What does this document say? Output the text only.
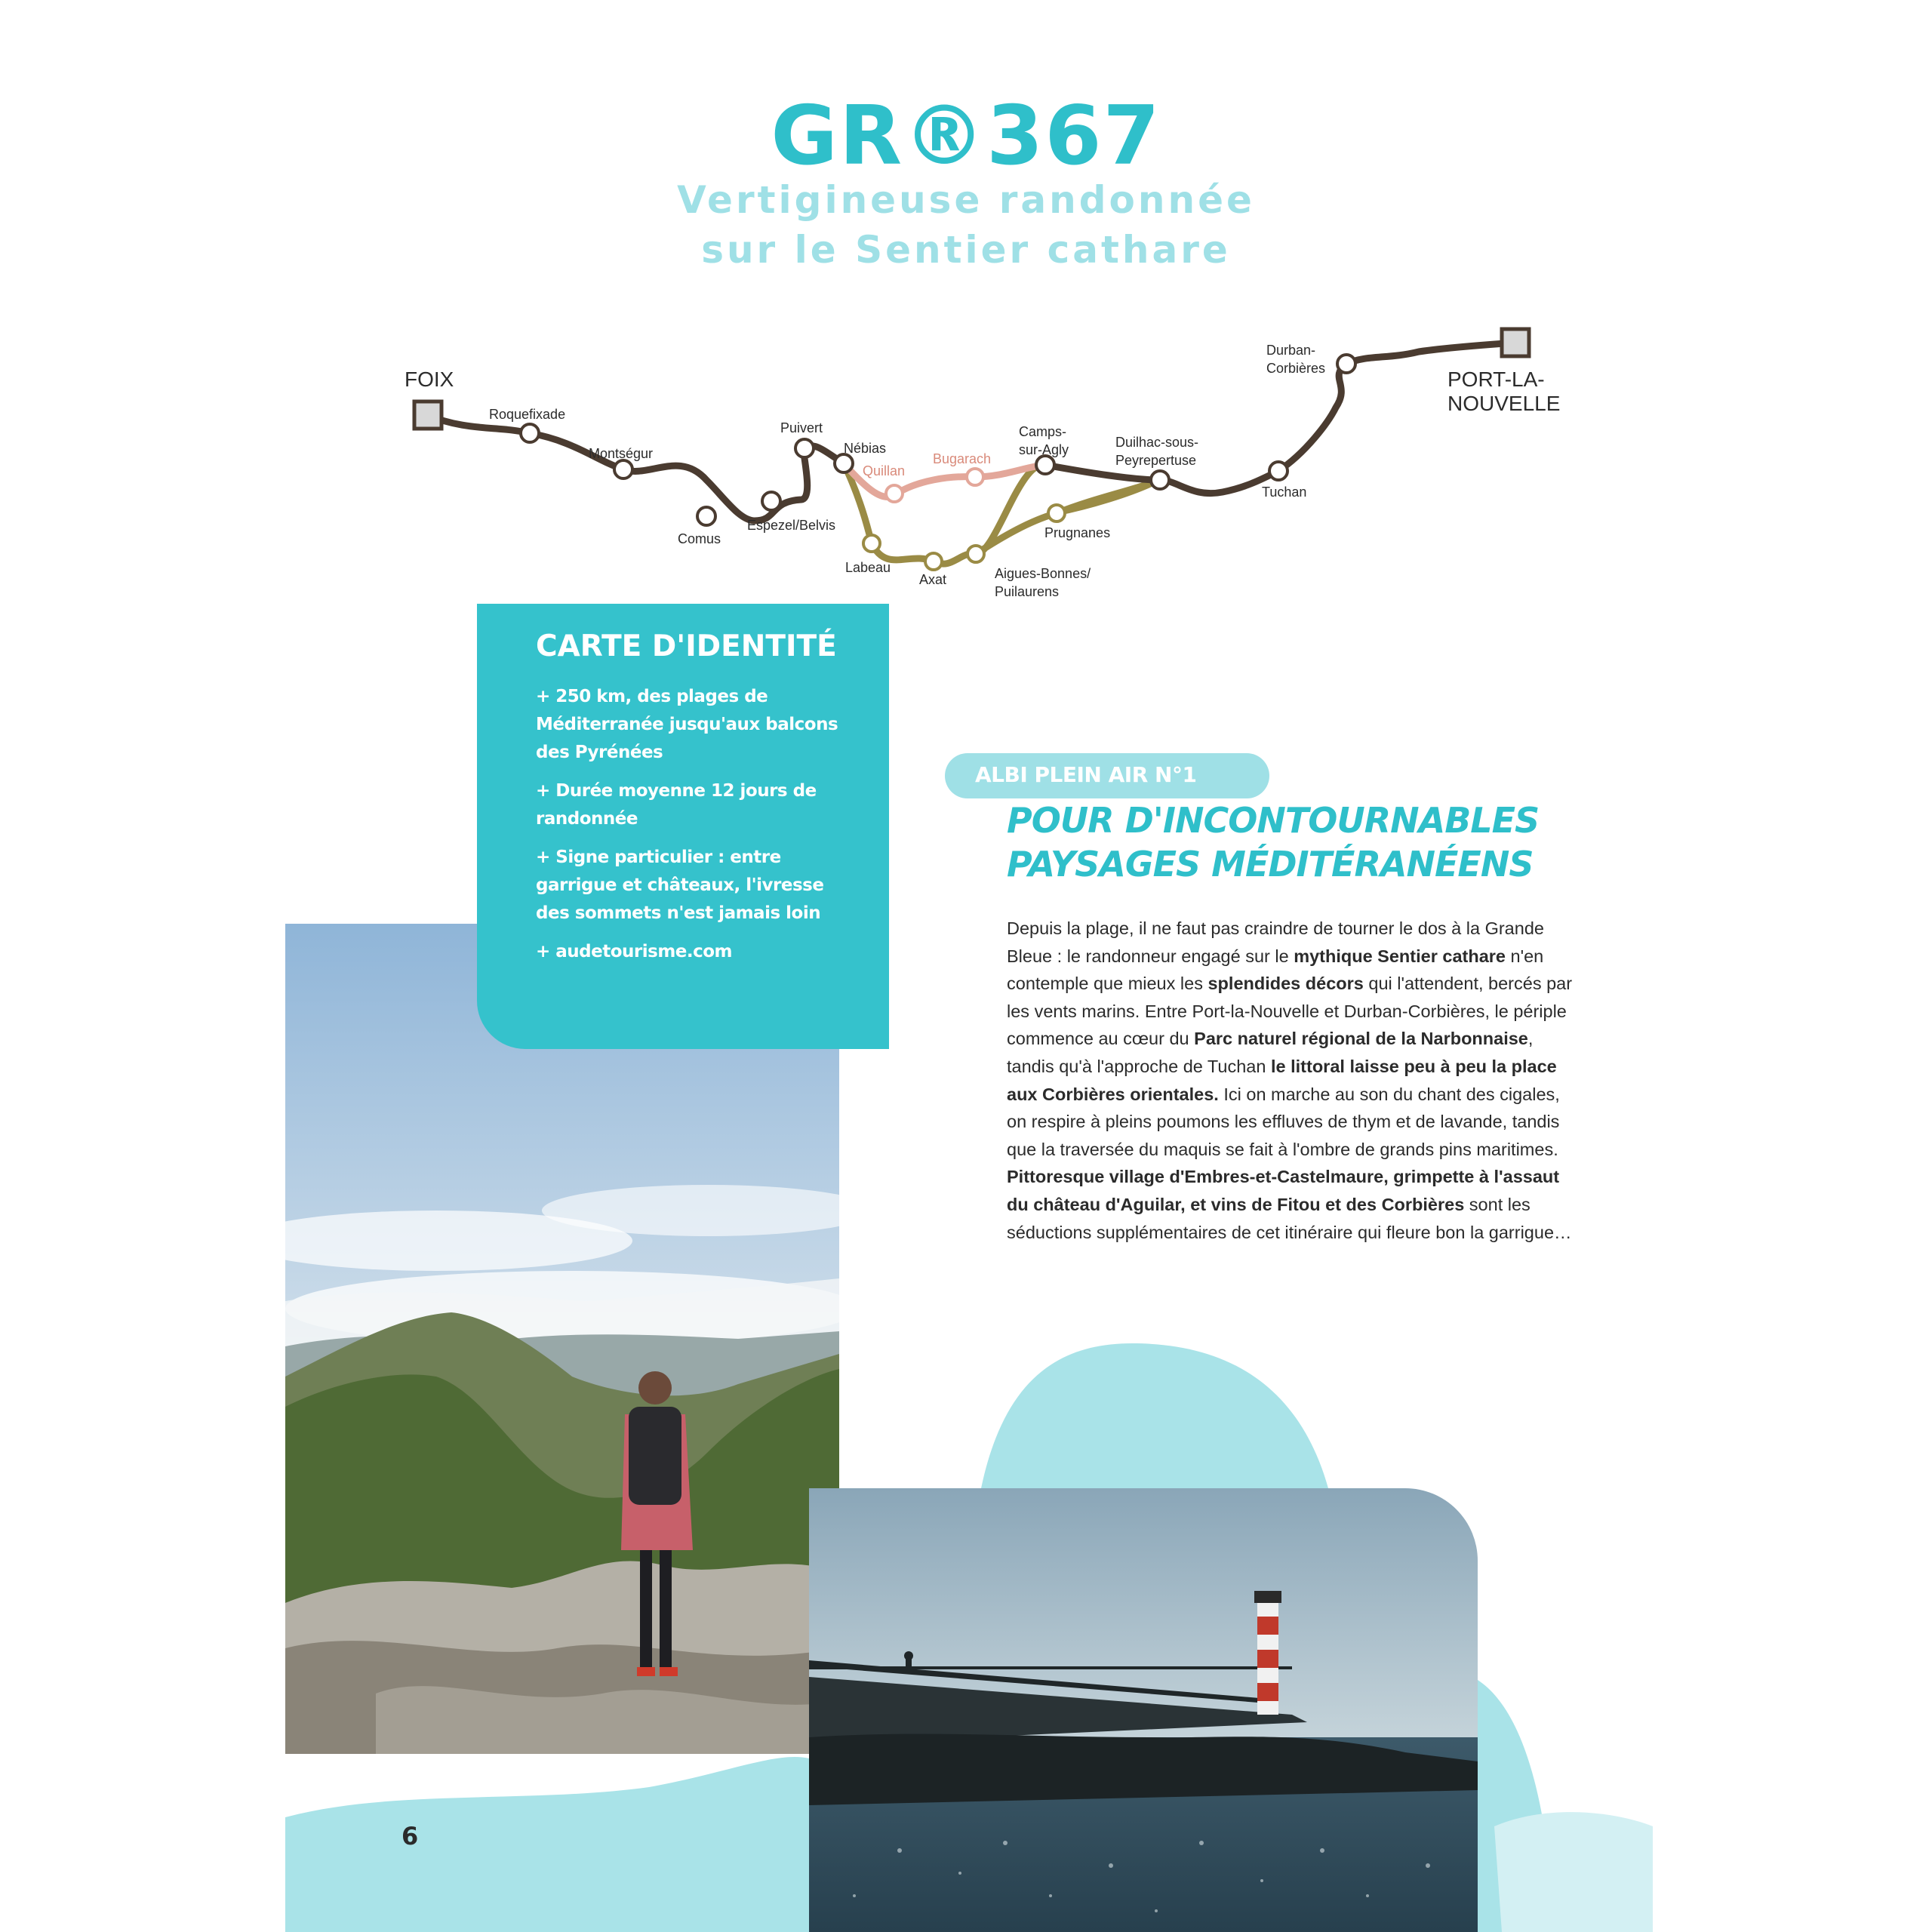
GR®367
Vertigineuse randonnée
sur le Sentier cathare
FOIX	PORT-LA-
NOUVELLE
Roquefixade
Montségur
Comus
Espezel/Belvis
Puivert
Nébias
Labeau
Axat	Aigues-Bonnes/
Puilaurens
Prugnanes
Camps-
sur-Agly	Duilhac-sous-
Peyrepertuse
Tuchan
Durban-
Corbières
Quillan
Bugarach
CARTE D'IDENTITÉ

+ 250 km, des plages de Méditerranée jusqu'aux balcons des Pyrénées

+ Durée moyenne 12 jours de randonnée

+ Signe particulier : entre garrigue et châteaux, l'ivresse des sommets n'est jamais loin

+ audetourisme.com

ALBI PLEIN AIR N°1
POUR D'INCONTOURNABLES
PAYSAGES MÉDITÉRANÉENS
Depuis la plage, il ne faut pas craindre de tourner le dos à la Grande Bleue : le randonneur engagé sur le mythique Sentier cathare n'en contemple que mieux les splendides décors qui l'attendent, bercés par les vents marins. Entre Port-la-Nouvelle et Durban-Corbières, le périple commence au cœur du Parc naturel régional de la Narbonnaise, tandis qu'à l'approche de Tuchan le littoral laisse peu à peu la place aux Corbières orientales. Ici on marche au son du chant des cigales, on respire à pleins poumons les effluves de thym et de lavande, tandis que la traversée du maquis se fait à l'ombre de grands pins maritimes. Pittoresque village d'Embres-et-Castelmaure, grimpette à l'assaut du château d'Aguilar, et vins de Fitou et des Corbières sont les séductions supplémentaires de cet itinéraire qui fleure bon la garrigue…
6
